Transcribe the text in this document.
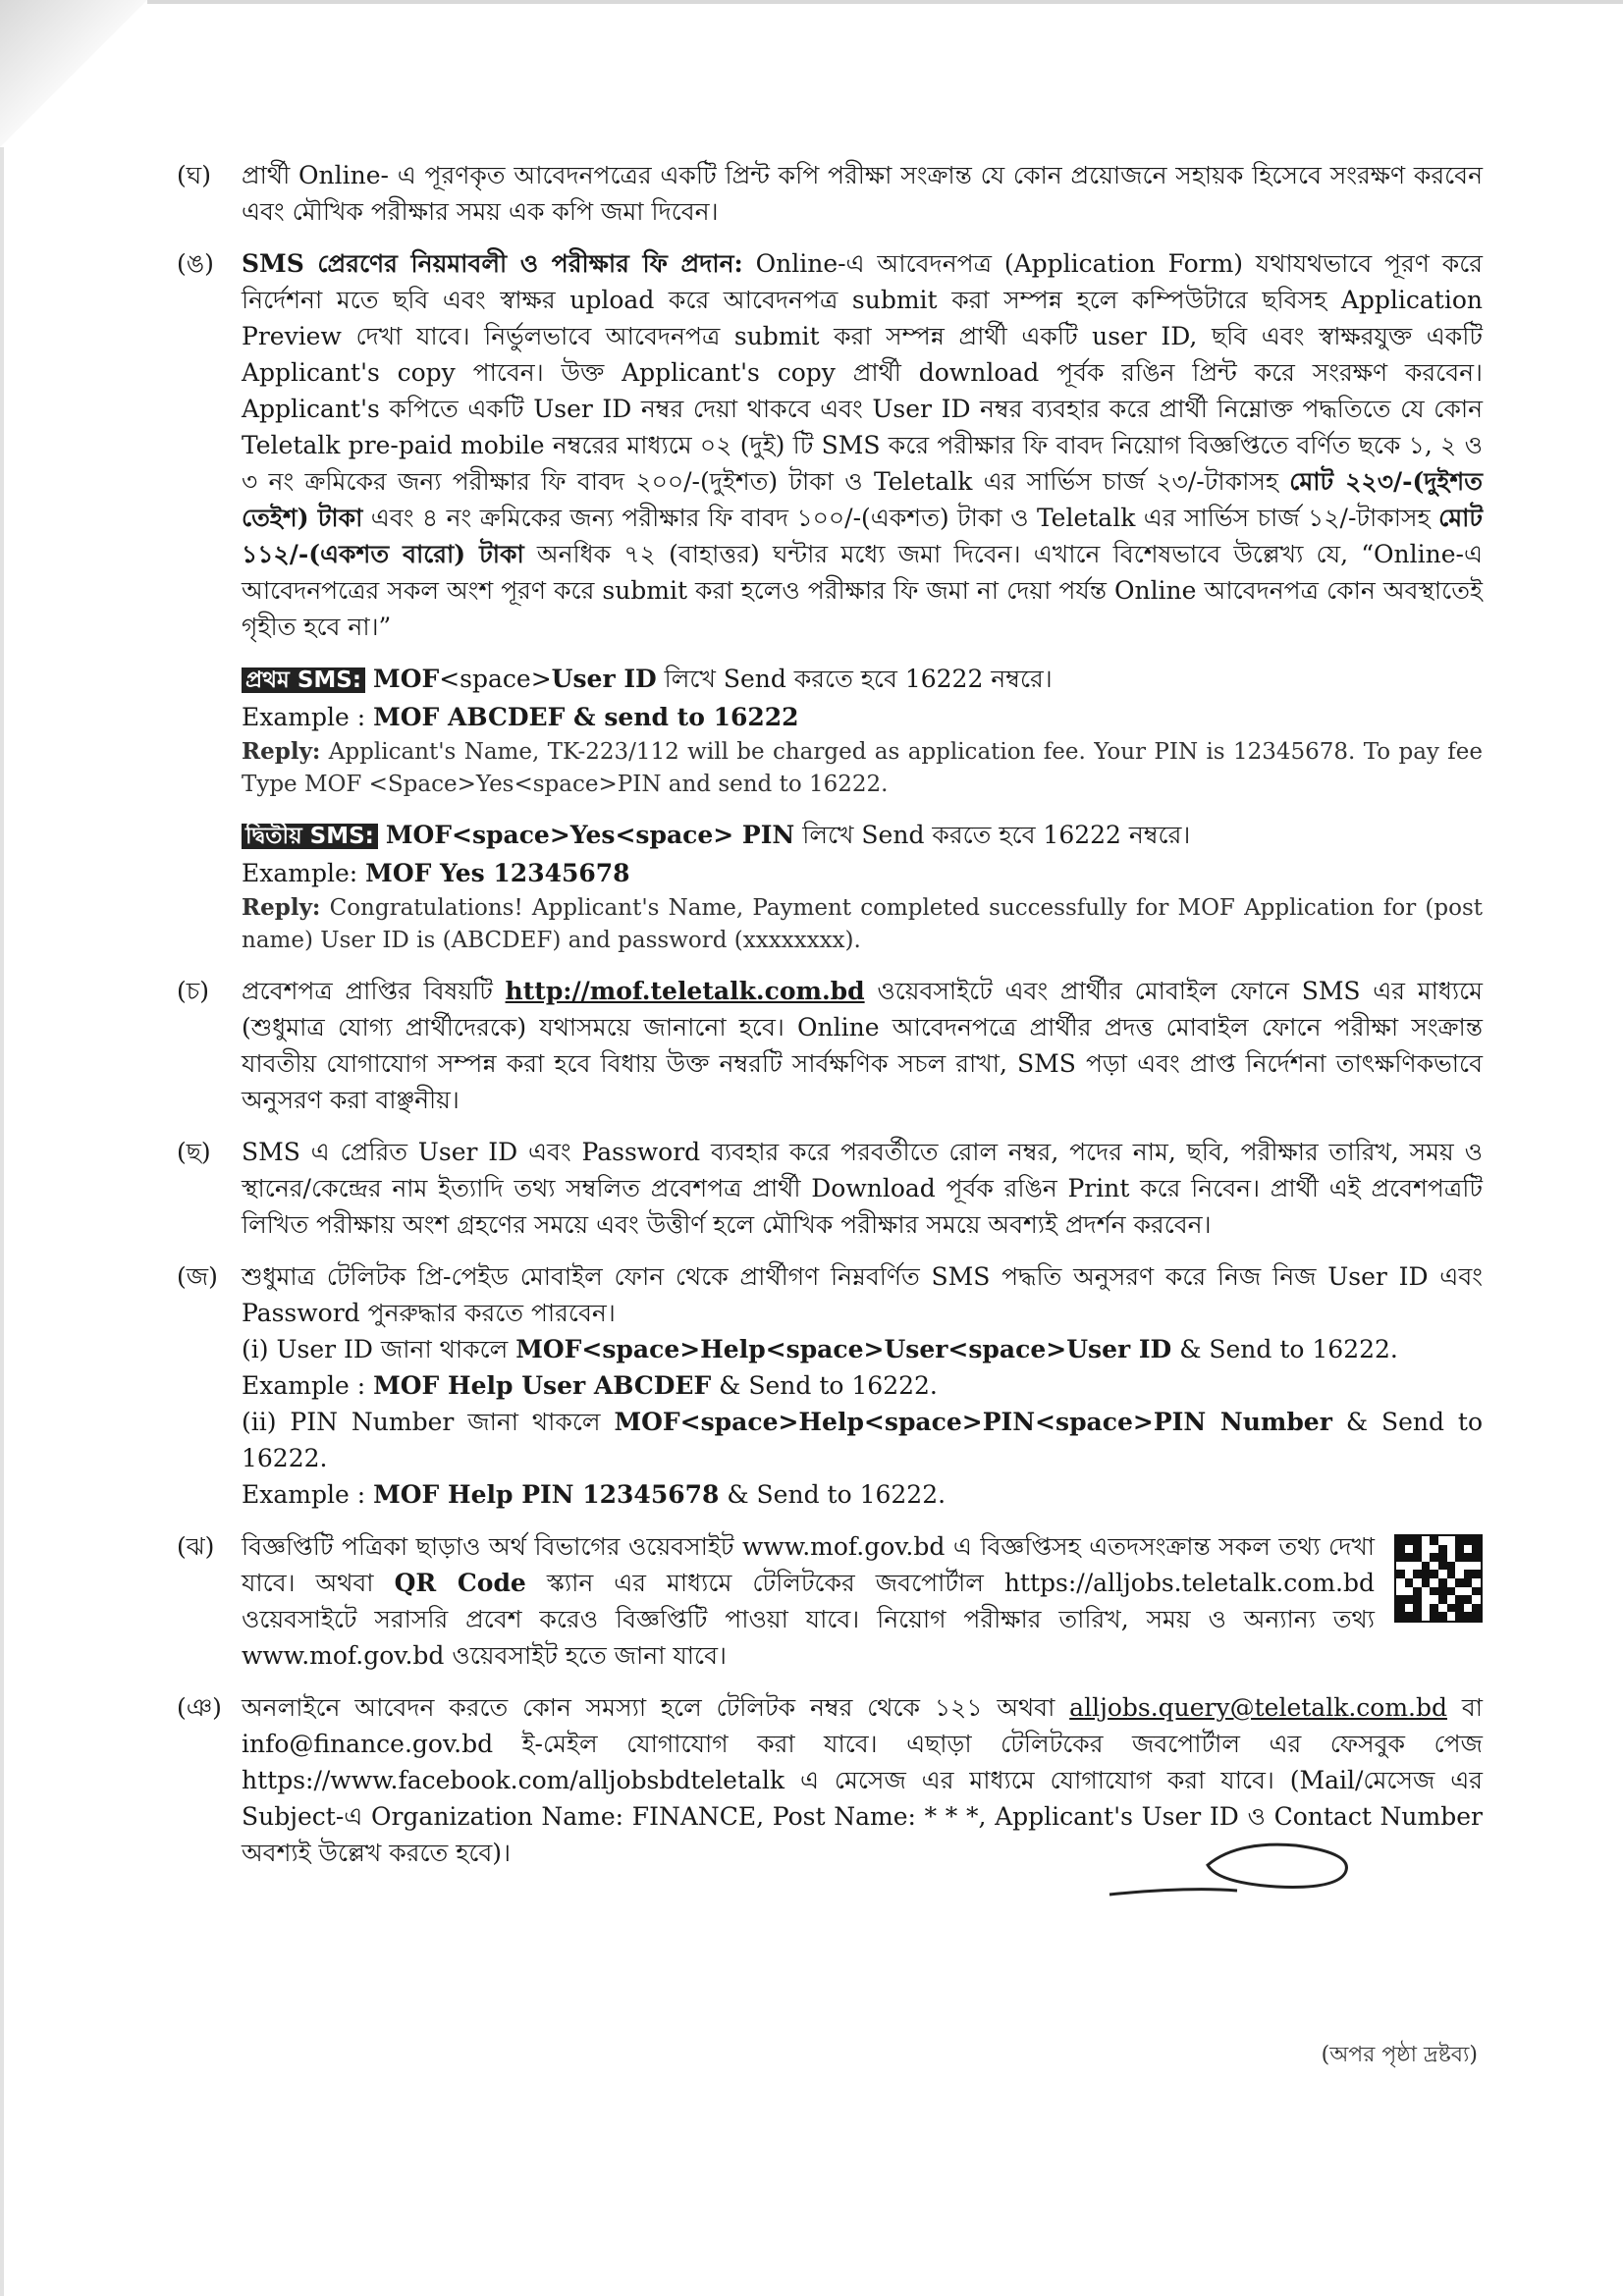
(ঘ)	প্রার্থী Online- এ পূরণকৃত আবেদনপত্রের একটি প্রিন্ট কপি পরীক্ষা সংক্রান্ত যে কোন প্রয়োজনে সহায়ক হিসেবে সংরক্ষণ করবেন এবং মৌখিক পরীক্ষার সময় এক কপি জমা দিবেন।
(ঙ)	SMS প্রেরণের নিয়মাবলী ও পরীক্ষার ফি প্রদান: Online-এ আবেদনপত্র (Application Form) যথাযথভাবে পূরণ করে নির্দেশনা মতে ছবি এবং স্বাক্ষর upload করে আবেদনপত্র submit করা সম্পন্ন হলে কম্পিউটারে ছবিসহ Application Preview দেখা যাবে। নির্ভুলভাবে আবেদনপত্র submit করা সম্পন্ন প্রার্থী একটি user ID, ছবি এবং স্বাক্ষরযুক্ত একটি Applicant's copy পাবেন। উক্ত Applicant's copy প্রার্থী download পূর্বক রঙিন প্রিন্ট করে সংরক্ষণ করবেন। Applicant's কপিতে একটি User ID নম্বর দেয়া থাকবে এবং User ID নম্বর ব্যবহার করে প্রার্থী নিম্নোক্ত পদ্ধতিতে যে কোন Teletalk pre-paid mobile নম্বরের মাধ্যমে ০২ (দুই) টি SMS করে পরীক্ষার ফি বাবদ নিয়োগ বিজ্ঞপ্তিতে বর্ণিত ছকে ১, ২ ও ৩ নং ক্রমিকের জন্য পরীক্ষার ফি বাবদ ২০০/-(দুইশত) টাকা ও Teletalk এর সার্ভিস চার্জ ২৩/-টাকাসহ মোট ২২৩/-(দুইশত তেইশ) টাকা এবং ৪ নং ক্রমিকের জন্য পরীক্ষার ফি বাবদ ১০০/-(একশত) টাকা ও Teletalk এর সার্ভিস চার্জ ১২/-টাকাসহ মোট ১১২/-(একশত বারো) টাকা অনধিক ৭২ (বাহাত্তর) ঘন্টার মধ্যে জমা দিবেন। এখানে বিশেষভাবে উল্লেখ্য যে, “Online-এ আবেদনপত্রের সকল অংশ পূরণ করে submit করা হলেও পরীক্ষার ফি জমা না দেয়া পর্যন্ত Online আবেদনপত্র কোন অবস্থাতেই গৃহীত হবে না।”
প্রথম SMS: MOF<space>User ID লিখে Send করতে হবে 16222 নম্বরে।
Example : MOF ABCDEF & send to 16222
Reply: Applicant's Name, TK-223/112 will be charged as application fee. Your PIN is 12345678. To pay fee Type MOF <Space>Yes<space>PIN and send to 16222.
দ্বিতীয় SMS: MOF<space>Yes<space> PIN লিখে Send করতে হবে 16222 নম্বরে।
Example: MOF Yes 12345678
Reply: Congratulations! Applicant's Name, Payment completed successfully for MOF Application for (post name) User ID is (ABCDEF) and password (xxxxxxxx).
(চ)	প্রবেশপত্র প্রাপ্তির বিষয়টি http://mof.teletalk.com.bd ওয়েবসাইটে এবং প্রার্থীর মোবাইল ফোনে SMS এর মাধ্যমে (শুধুমাত্র যোগ্য প্রার্থীদেরকে) যথাসময়ে জানানো হবে। Online আবেদনপত্রে প্রার্থীর প্রদত্ত মোবাইল ফোনে পরীক্ষা সংক্রান্ত যাবতীয় যোগাযোগ সম্পন্ন করা হবে বিধায় উক্ত নম্বরটি সার্বক্ষণিক সচল রাখা, SMS পড়া এবং প্রাপ্ত নির্দেশনা তাৎক্ষণিকভাবে অনুসরণ করা বাঞ্ছনীয়।
(ছ)	SMS এ প্রেরিত User ID এবং Password ব্যবহার করে পরবর্তীতে রোল নম্বর, পদের নাম, ছবি, পরীক্ষার তারিখ, সময় ও স্থানের/কেন্দ্রের নাম ইত্যাদি তথ্য সম্বলিত প্রবেশপত্র প্রার্থী Download পূর্বক রঙিন Print করে নিবেন। প্রার্থী এই প্রবেশপত্রটি লিখিত পরীক্ষায় অংশ গ্রহণের সময়ে এবং উত্তীর্ণ হলে মৌখিক পরীক্ষার সময়ে অবশ্যই প্রদর্শন করবেন।
(জ) শুধুমাত্র টেলিটক প্রি-পেইড মোবাইল ফোন থেকে প্রার্থীগণ নিম্নবর্ণিত SMS পদ্ধতি অনুসরণ করে নিজ নিজ User ID এবং Password পুনরুদ্ধার করতে পারবেন।
(i) User ID জানা থাকলে MOF<space>Help<space>User<space>User ID & Send to 16222.
Example : MOF Help User ABCDEF & Send to 16222.
(ii) PIN Number জানা থাকলে MOF<space>Help<space>PIN<space>PIN Number & Send to 16222.
Example : MOF Help PIN 12345678 & Send to 16222.
(ঝ)	বিজ্ঞপ্তিটি পত্রিকা ছাড়াও অর্থ বিভাগের ওয়েবসাইট www.mof.gov.bd এ বিজ্ঞপ্তিসহ এতদসংক্রান্ত সকল তথ্য দেখা যাবে। অথবা QR Code স্ক্যান এর মাধ্যমে টেলিটকের জবপোর্টাল https://alljobs.teletalk.com.bd ওয়েবসাইটে সরাসরি প্রবেশ করেও বিজ্ঞপ্তিটি পাওয়া যাবে। নিয়োগ পরীক্ষার তারিখ, সময় ও অন্যান্য তথ্য www.mof.gov.bd ওয়েবসাইট হতে জানা যাবে।
(ঞ) অনলাইনে আবেদন করতে কোন সমস্যা হলে টেলিটক নম্বর থেকে ১২১ অথবা alljobs.query@teletalk.com.bd বা info@finance.gov.bd ই-মেইল যোগাযোগ করা যাবে। এছাড়া টেলিটকের জবপোর্টাল এর ফেসবুক পেজ https://www.facebook.com/alljobsbdteletalk এ মেসেজ এর মাধ্যমে যোগাযোগ করা যাবে। (Mail/মেসেজ এর Subject-এ Organization Name: FINANCE, Post Name: * * *, Applicant's User ID ও Contact Number অবশ্যই উল্লেখ করতে হবে)।
(অপর পৃষ্ঠা দ্রষ্টব্য)
